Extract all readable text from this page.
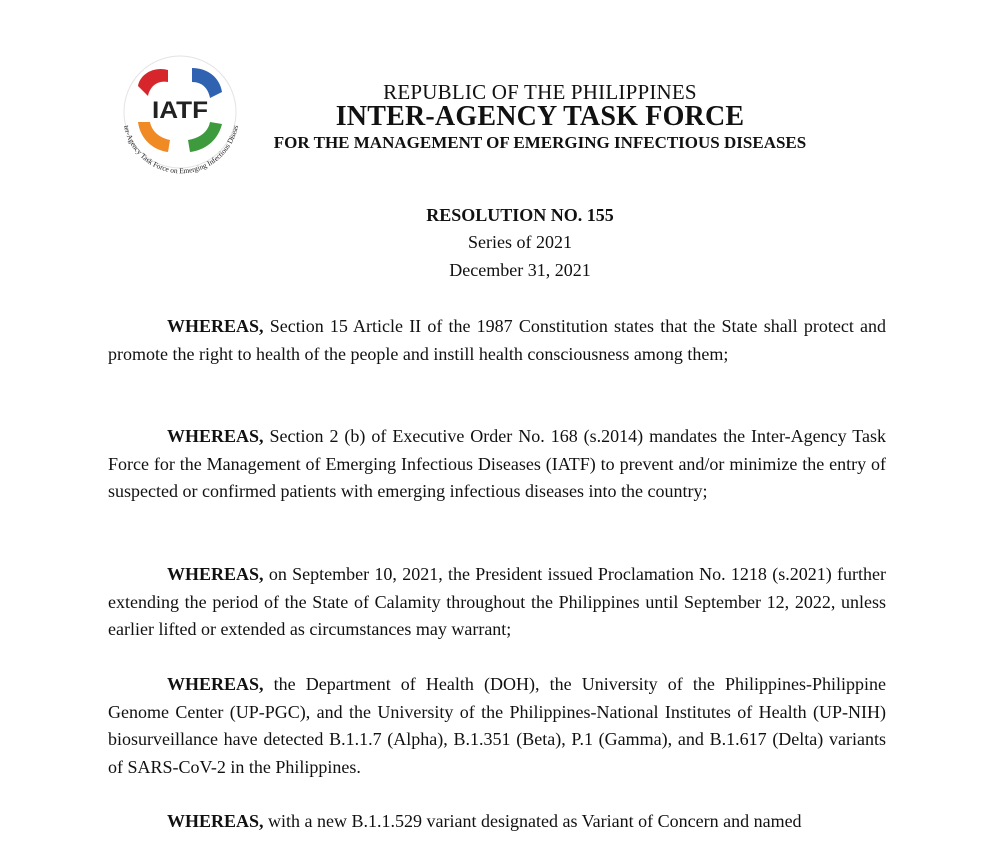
IATF
ter-Agency Task Force on Emerging Infectious Diseas
REPUBLIC OF THE PHILIPPINES
INTER-AGENCY TASK FORCE
FOR THE MANAGEMENT OF EMERGING INFECTIOUS DISEASES
RESOLUTION NO. 155
Series of 2021
December 31, 2021

WHEREAS, Section 15 Article II of the 1987 Constitution states that the State shall protect and promote the right to health of the people and instill health consciousness among them;

WHEREAS, Section 2 (b) of Executive Order No. 168 (s.2014) mandates the Inter-Agency Task Force for the Management of Emerging Infectious Diseases (IATF) to prevent and/or minimize the entry of suspected or confirmed patients with emerging infectious diseases into the country;

WHEREAS, on September 10, 2021, the President issued Proclamation No. 1218 (s.2021) further extending the period of the State of Calamity throughout the Philippines until September 12, 2022, unless earlier lifted or extended as circumstances may warrant;

WHEREAS, the Department of Health (DOH), the University of the Philippines-Philippine Genome Center (UP-PGC), and the University of the Philippines-National Institutes of Health (UP-NIH) biosurveillance have detected B.1.1.7 (Alpha), B.1.351 (Beta), P.1 (Gamma), and B.1.617 (Delta) variants of SARS-CoV-2 in the Philippines.

WHEREAS, with a new B.1.1.529 variant designated as Variant of Concern and named
